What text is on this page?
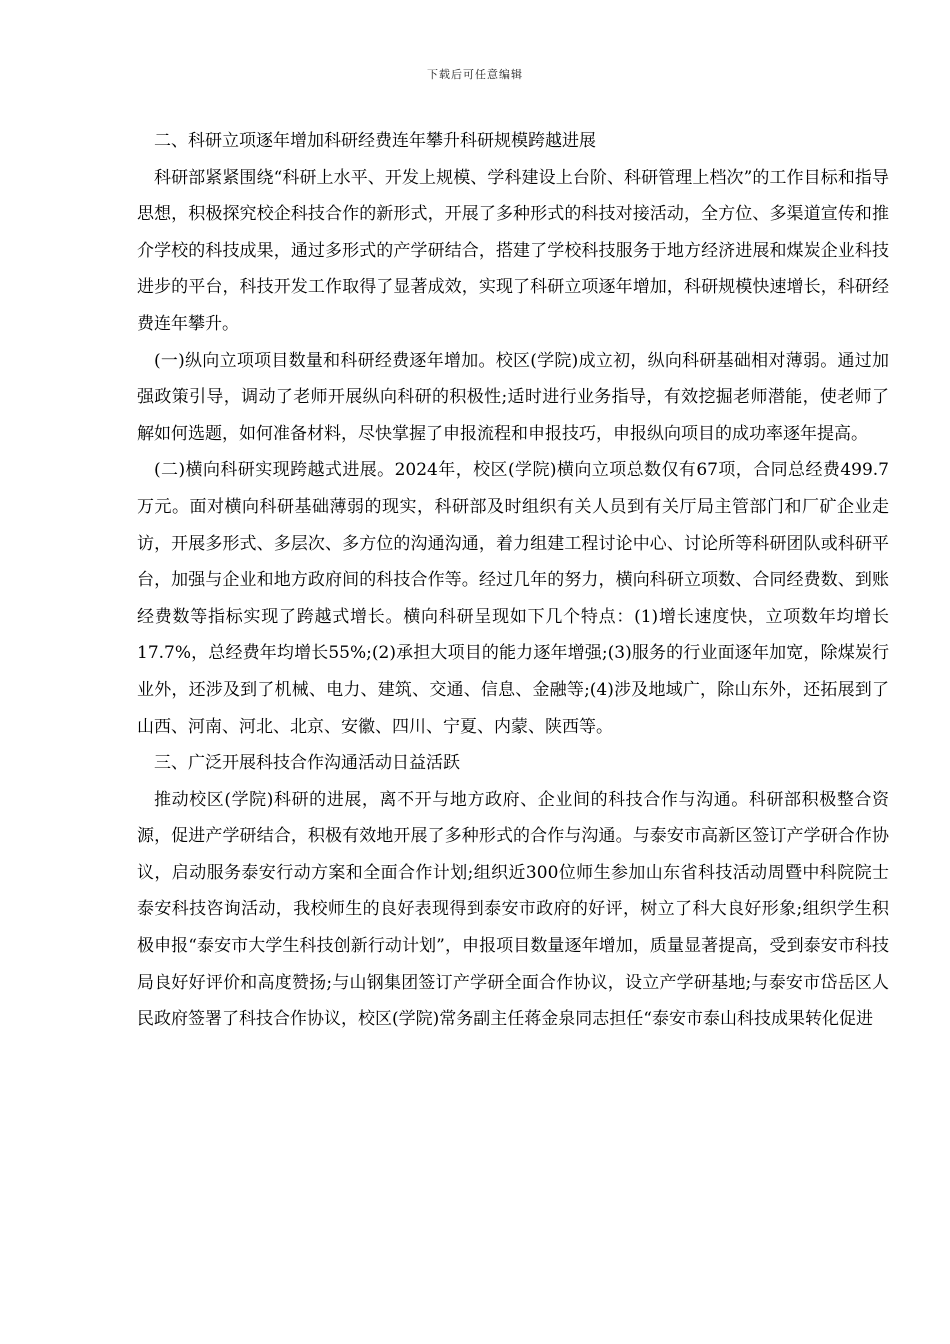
下载后可任意编辑

二、科研立项逐年增加科研经费连年攀升科研规模跨越进展

科研部紧紧围绕“科研上水平、开发上规模、学科建设上台阶、科研管理上档次”的工作目标和指导思想，积极探究校企科技合作的新形式，开展了多种形式的科技对接活动，全方位、多渠道宣传和推介学校的科技成果，通过多形式的产学研结合，搭建了学校科技服务于地方经济进展和煤炭企业科技进步的平台，科技开发工作取得了显著成效，实现了科研立项逐年增加，科研规模快速增长，科研经费连年攀升。

(一)纵向立项项目数量和科研经费逐年增加。校区(学院)成立初，纵向科研基础相对薄弱。通过加强政策引导，调动了老师开展纵向科研的积极性;适时进行业务指导，有效挖掘老师潜能，使老师了解如何选题，如何准备材料，尽快掌握了申报流程和申报技巧，申报纵向项目的成功率逐年提高。

(二)横向科研实现跨越式进展。2024年，校区(学院)横向立项总数仅有67项，合同总经费499.7万元。面对横向科研基础薄弱的现实，科研部及时组织有关人员到有关厅局主管部门和厂矿企业走访，开展多形式、多层次、多方位的沟通沟通，着力组建工程讨论中心、讨论所等科研团队或科研平台，加强与企业和地方政府间的科技合作等。经过几年的努力，横向科研立项数、合同经费数、到账经费数等指标实现了跨越式增长。横向科研呈现如下几个特点：(1)增长速度快，立项数年均增长17.7%，总经费年均增长55%;(2)承担大项目的能力逐年增强;(3)服务的行业面逐年加宽，除煤炭行业外，还涉及到了机械、电力、建筑、交通、信息、金融等;(4)涉及地域广，除山东外，还拓展到了山西、河南、河北、北京、安徽、四川、宁夏、内蒙、陕西等。

三、广泛开展科技合作沟通活动日益活跃

推动校区(学院)科研的进展，离不开与地方政府、企业间的科技合作与沟通。科研部积极整合资源，促进产学研结合，积极有效地开展了多种形式的合作与沟通。与泰安市高新区签订产学研合作协议，启动服务泰安行动方案和全面合作计划;组织近300位师生参加山东省科技活动周暨中科院院士泰安科技咨询活动，我校师生的良好表现得到泰安市政府的好评，树立了科大良好形象;组织学生积极申报“泰安市大学生科技创新行动计划”，申报项目数量逐年增加，质量显著提高，受到泰安市科技局良好好评价和高度赞扬;与山钢集团签订产学研全面合作协议，设立产学研基地;与泰安市岱岳区人民政府签署了科技合作协议，校区(学院)常务副主任蒋金泉同志担任“泰安市泰山科技成果转化促进
